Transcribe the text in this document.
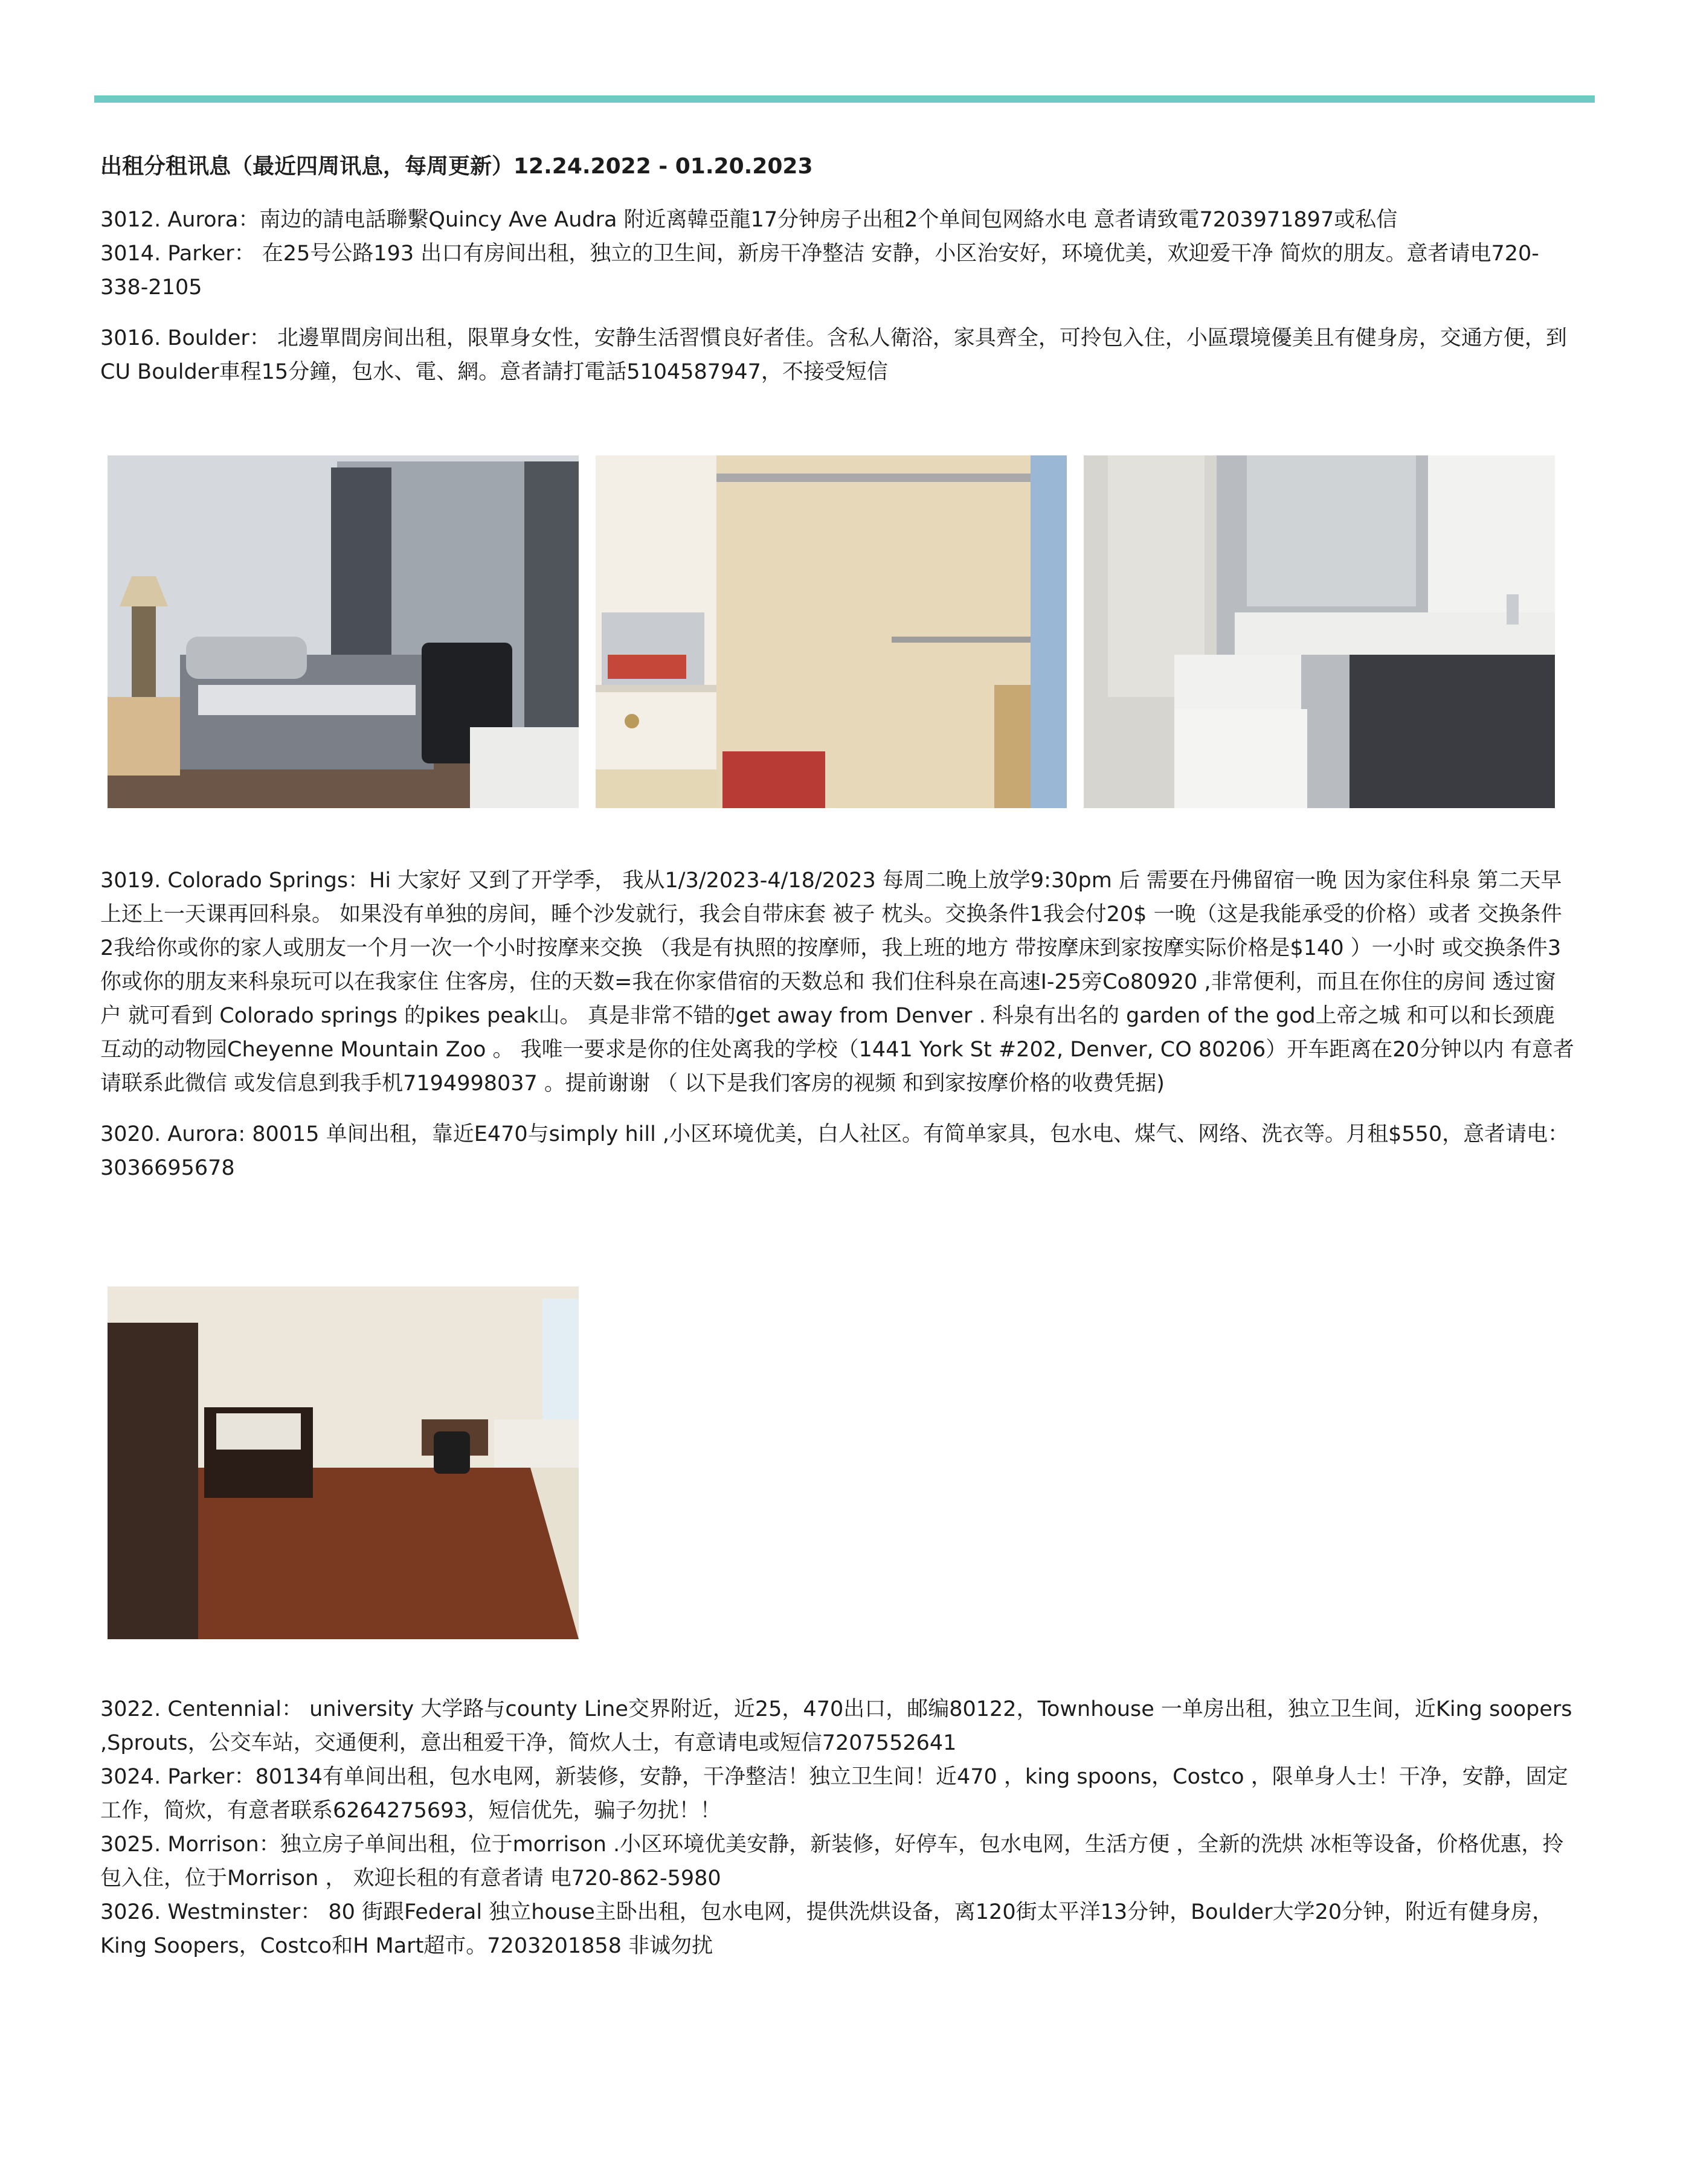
出租分租讯息（最近四周讯息，每周更新）12.24.2022 - 01.20.2023

3012. Aurora：南边的請电話聯繫Quincy Ave Audra 附近离韓亞龍17分钟房子出租2个单间包网絡水电 意者请致電7203971897或私信

3014. Parker： 在25号公路193 出口有房间出租，独立的卫生间，新房干净整洁 安静，小区治安好，环境优美，欢迎爱干净 简炊的朋友。意者请电720-338-2105

3016. Boulder： 北邊單間房间出租，限單身女性，安静生活習慣良好者佳。含私人衛浴，家具齊全，可拎包入住，小區環境優美且有健身房，交通方便，到CU Boulder車程15分鐘，包水、電、網。意者請打電話5104587947，不接受短信

3019. Colorado Springs：Hi 大家好 又到了开学季， 我从1/3/2023-4/18/2023 每周二晚上放学9:30pm 后 需要在丹佛留宿一晚 因为家住科泉 第二天早上还上一天课再回科泉。 如果没有单独的房间，睡个沙发就行，我会自带床套 被子 枕头。交换条件1我会付20$ 一晚（这是我能承受的价格）或者 交换条件2我给你或你的家人或朋友一个月一次一个小时按摩来交换 （我是有执照的按摩师，我上班的地方 带按摩床到家按摩实际价格是$140 ）一小时 或交换条件3 你或你的朋友来科泉玩可以在我家住 住客房，住的天数=我在你家借宿的天数总和 我们住科泉在高速I-25旁Co80920 ,非常便利，而且在你住的房间 透过窗户 就可看到 Colorado springs 的pikes peak山。 真是非常不错的get away from Denver . 科泉有出名的 garden of the god上帝之城 和可以和长颈鹿互动的动物园Cheyenne Mountain Zoo 。 我唯一要求是你的住处离我的学校（1441 York St #202, Denver, CO 80206）开车距离在20分钟以内 有意者请联系此微信 或发信息到我手机7194998037 。提前谢谢 （ 以下是我们客房的视频 和到家按摩价格的收费凭据)

3020. Aurora: 80015 单间出租，靠近E470与simply hill ,小区环境优美，白人社区。有简单家具，包水电、煤气、网络、洗衣等。月租$550，意者请电：3036695678

3022. Centennial： university 大学路与county Line交界附近，近25，470出口，邮编80122，Townhouse 一单房出租，独立卫生间，近King soopers ,Sprouts，公交车站，交通便利，意出租爱干净，简炊人士，有意请电或短信7207552641

3024. Parker：80134有单间出租，包水电网，新装修，安静，干净整洁！独立卫生间！近470 ，king spoons，Costco ，限单身人士！干净，安静，固定工作，简炊，有意者联系6264275693，短信优先，骗子勿扰！！

3025. Morrison：独立房子单间出租，位于morrison .小区环境优美安静，新装修，好停车，包水电网，生活方便 ，全新的洗烘 冰柜等设备，价格优惠，拎包入住，位于Morrison ， 欢迎长租的有意者请 电720-862-5980

3026. Westminster： 80 街跟Federal 独立house主卧出租，包水电网，提供洗烘设备，离120街太平洋13分钟，Boulder大学20分钟，附近有健身房，King Soopers，Costco和H Mart超市。7203201858 非诚勿扰
